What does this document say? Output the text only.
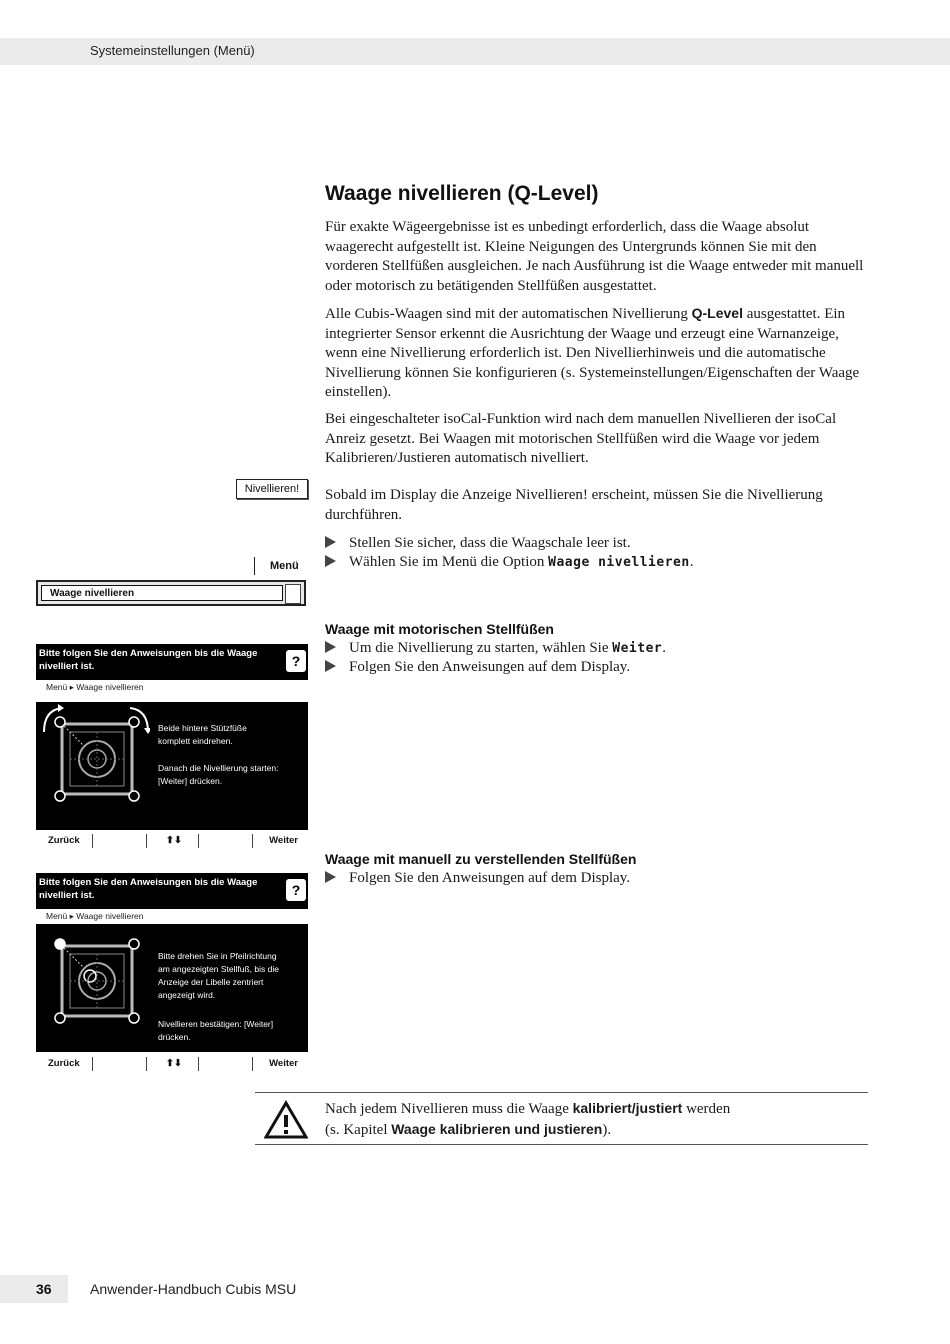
Systemeinstellungen (Menü)
Waage nivellieren (Q-Level)
Für exakte Wägeergebnisse ist es unbedingt erforderlich, dass die Waage absolut waagerecht aufgestellt ist. Kleine Neigungen des Untergrunds können Sie mit den vorderen Stellfüßen ausgleichen. Je nach Ausführung ist die Waage entweder mit manuell oder motorisch zu betätigenden Stellfüßen ausgestattet.
Alle Cubis-Waagen sind mit der automatischen Nivellierung Q-Level ausgestattet. Ein integrierter Sensor erkennt die Ausrichtung der Waage und erzeugt eine Warnanzeige, wenn eine Nivellierung erforderlich ist. Den Nivellierhinweis und die automatische Nivellierung können Sie konfigurieren (s. Systemeinstellungen/Eigenschaften der Waage einstellen).
Bei eingeschalteter isoCal-Funktion wird nach dem manuellen Nivellieren der isoCal Anreiz gesetzt. Bei Waagen mit motorischen Stellfüßen wird die Waage vor jedem Kalibrieren/Justieren automatisch nivelliert.
Nivellieren!	Sobald im Display die Anzeige Nivellieren! erscheint, müssen Sie die Nivellierung durchführen.
Stellen Sie sicher, dass die Waagschale leer ist.
Wählen Sie im Menü die Option Waage nivellieren.
Menü
Waage nivellieren
Waage mit motorischen Stellfüßen
Um die Nivellierung zu starten, wählen Sie Weiter.
Folgen Sie den Anweisungen auf dem Display.
Bitte folgen Sie den Anweisungen bis die Waage
nivelliert ist.	?
Menü ▸ Waage nivellieren
Beide hintere Stützfüße
komplett eindrehen.
Danach die Nivellierung starten:
[Weiter] drücken.
Zurück	⬆⬇	Weiter
Waage mit manuell zu verstellenden Stellfüßen
Folgen Sie den Anweisungen auf dem Display.
Bitte folgen Sie den Anweisungen bis die Waage
nivelliert ist.	?
Menü ▸ Waage nivellieren
Bitte drehen Sie in Pfeilrichtung
am angezeigten Stellfuß, bis die
Anzeige der Libelle zentriert
angezeigt wird.
Nivellieren bestätigen: [Weiter]
drücken.
Zurück	⬆⬇	Weiter
Nach jedem Nivellieren muss die Waage kalibriert/justiert werden
(s. Kapitel Waage kalibrieren und justieren).
36	Anwender-Handbuch Cubis MSU
